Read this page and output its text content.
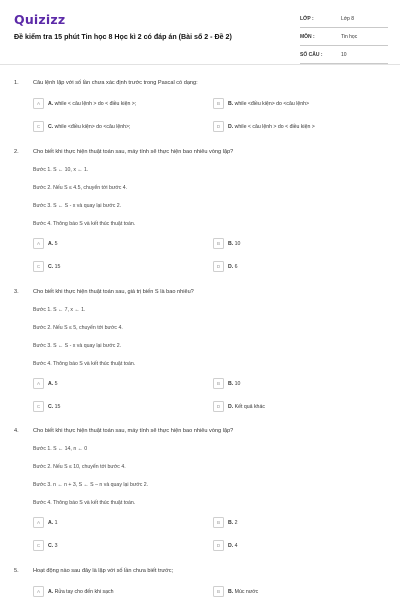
Quizizz
Đề kiểm tra 15 phút Tin học 8 Học kì 2 có đáp án (Bài số 2 - Đề 2)
LỚP :	Lớp 8
MÔN :	Tin học
SỐ CÂU :	10
1.	Câu lệnh lặp với số lần chưa xác định trước trong Pascal có dạng:
A	A. while < câu lệnh > do < điều kiện >;	B	B. while <điều kiện> do <câu lệnh>
C	C. while <điều kiện> do <câu lệnh>;	D	D. while < câu lệnh > do < điều kiện >
2.	Cho biết khi thực hiện thuật toán sau, máy tính sẽ thực hiện bao nhiêu vòng lặp?
Bước 1. S ← 10, x ← 1.
Bước 2. Nếu S ≤ 4.5, chuyển tới bước 4.
Bước 3. S ← S - x và quay lại bước 2.
Bước 4. Thông báo S và kết thúc thuật toán.
A	A. 5	B	B. 10
C	C. 15	D	D. 6
3.	Cho biết khi thực hiện thuật toán sau, giá trị biến S là bao nhiêu?
Bước 1. S ← 7, x ← 1.
Bước 2. Nếu S ≤ 5, chuyển tới bước 4.
Bước 3. S ← S - x và quay lại bước 2.
Bước 4. Thông báo S và kết thúc thuật toán.
A	A. 5	B	B. 10
C	C. 15	D	D. Kết quả khác
4.	Cho biết khi thực hiện thuật toán sau, máy tính sẽ thực hiện bao nhiêu vòng lặp?
Bước 1. S ← 14, n ← 0
Bước 2. Nếu S ≤ 10, chuyển tới bước 4.
Bước 3. n ← n + 3, S ← S – n và quay lại bước 2.
Bước 4. Thông báo S và kết thúc thuật toán.
A	A. 1	B	B. 2
C	C. 3	D	D. 4
5.	Hoạt động nào sau đây là lặp với số lần chưa biết trước;
A	A. Rửa tay cho đến khi sạch	B	B. Múc nước
